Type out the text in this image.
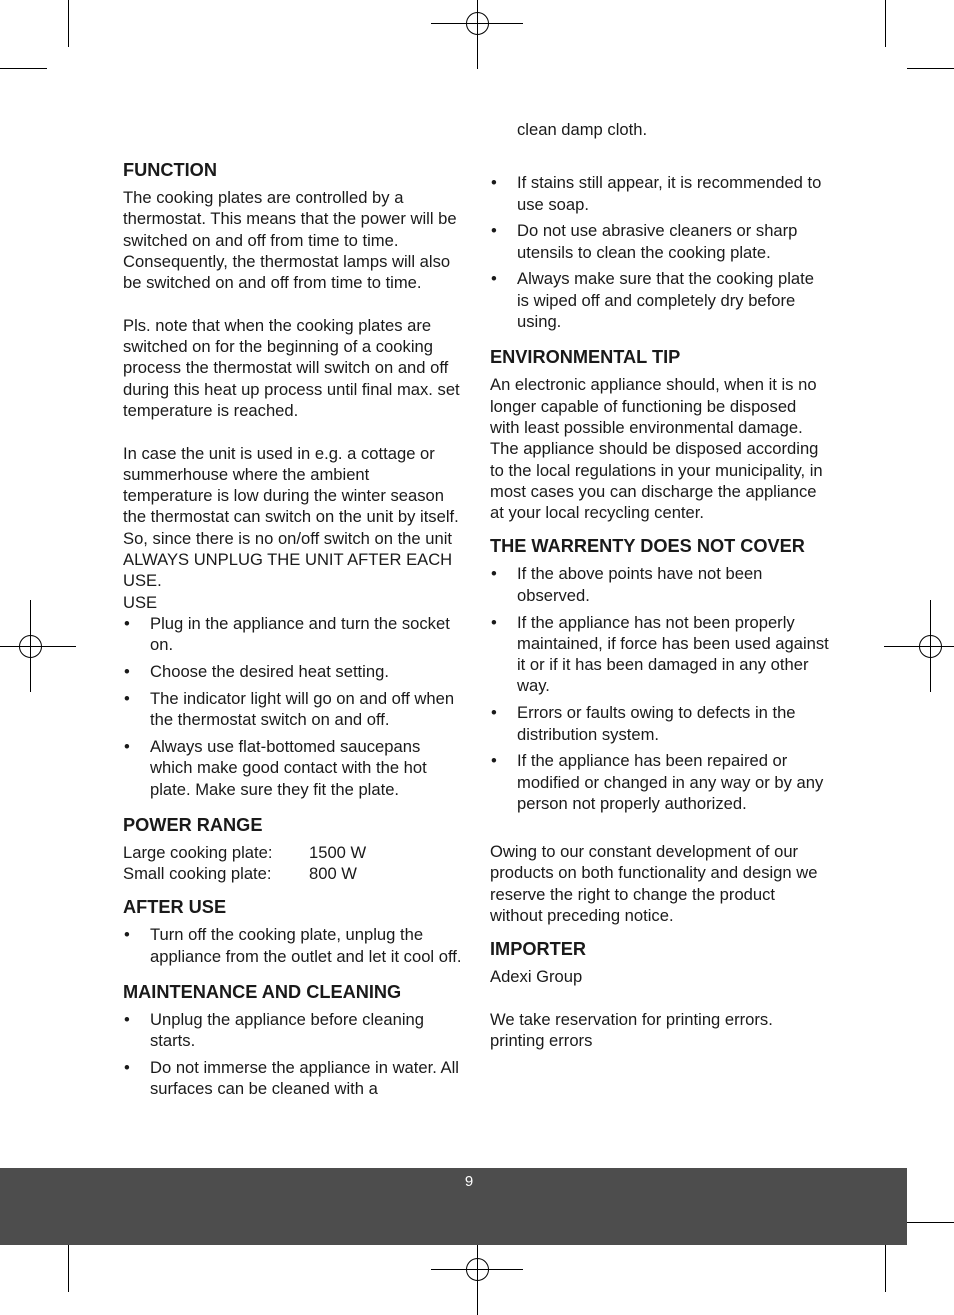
FUNCTION

The cooking plates are controlled by a thermostat. This means that the power will be switched on and off from time to time. Consequently, the thermostat lamps will also be switched on and off from time to time.

Pls. note that when the cooking plates are switched on for the beginning of a cooking process the thermostat will switch on and off during this heat up process until final max. set temperature is reached.

In case the unit is used in e.g. a cottage or summerhouse where the ambient temperature is low during the winter season the thermostat can switch on the unit by itself. So, since there is no on/off switch on the unit ALWAYS UNPLUG THE UNIT AFTER EACH USE.

USE

• Plug in the appliance and turn the socket on.
• Choose the desired heat setting.
• The indicator light will go on and off when the thermostat switch on and off.
• Always use flat-bottomed saucepans which make good contact with the hot plate. Make sure they fit the plate.
POWER RANGE
Large cooking plate:	1500 W
Small cooking plate:	800 W
AFTER USE
• Turn off the cooking plate, unplug the appliance from the outlet and let it cool off.
MAINTENANCE AND CLEANING
• Unplug the appliance before cleaning starts.
• Do not immerse the appliance in water. All surfaces can be cleaned with a

clean damp cloth.

• If stains still appear, it is recommended to use soap.
• Do not use abrasive cleaners or sharp utensils to clean the cooking plate.
• Always make sure that the cooking plate is wiped off and completely dry before using.
ENVIRONMENTAL TIP

An electronic appliance should, when it is no longer capable of functioning be disposed with least possible environmental damage. The appliance should be disposed according to the local regulations in your municipality, in most cases you can discharge the appliance at your local recycling center.

THE WARRENTY DOES NOT COVER
• If the above points have not been observed.
• If the appliance has not been properly maintained, if force has been used against it or if it has been damaged in any other way.
• Errors or faults owing to defects in the distribution system.
• If the appliance has been repaired or modified or changed in any way or by any person not properly authorized.

Owing to our constant development of our products on both functionality and design we reserve the right to change the product without preceding notice.

IMPORTER

Adexi Group

We take reservation for printing errors.

printing errors

9
